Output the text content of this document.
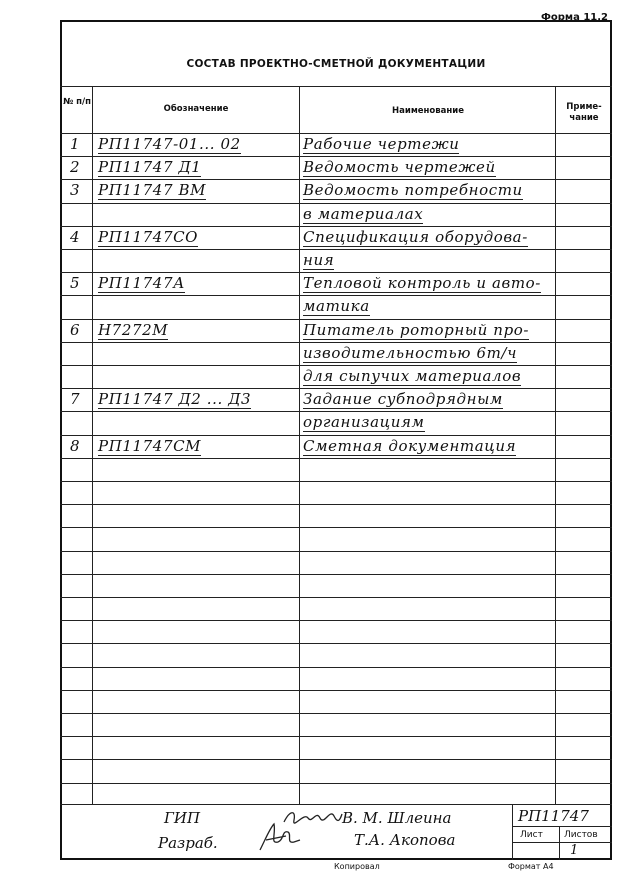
Форма 11.2
СОСТАВ ПРОЕКТНО-СМЕТНОЙ ДОКУМЕНТАЦИИ
№ п/п
Обозначение	Наименование	Приме-чание
1 РП11747-01... 02	Рабочие чертежи
2 РП11747 Д1	Ведомость чертежей
3 РП11747 ВМ	Ведомость потребности
в материалах
4 РП11747СО	Спецификация оборудова-
ния
5 РП11747А	Тепловой контроль и авто-
матика
6 Н7272М	Питатель роторный про-
изводительностью 6т/ч
для сыпучих материалов
7 РП11747 Д2 ... Д3	Задание субподрядным
организациям
8 РП11747СМ	Сметная документация
ГИП	В. М. Шлеина
Разраб.	Т.А. Акопова
РП11747
Лист Листов
1
Копировал	Формат А4
